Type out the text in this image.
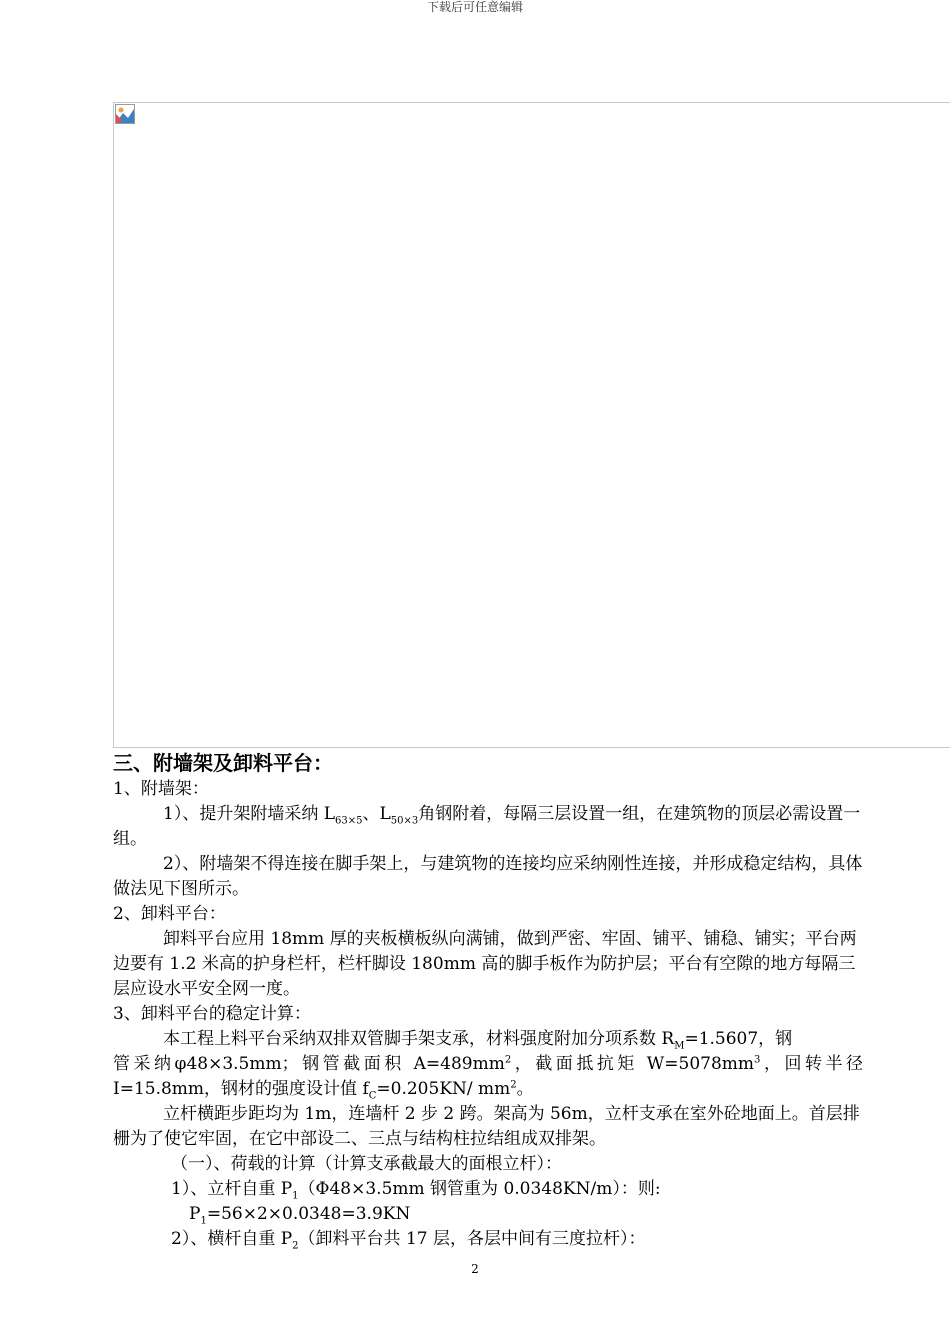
下载后可任意编辑

三、附墙架及卸料平台：

1、附墙架：

1）、提升架附墙采纳 $L_{63\times 5}$、$L_{50\times 3}$角钢附着，每隔三层设置一组，在建筑物的顶层必需设置一组。

2）、附墙架不得连接在脚手架上，与建筑物的连接均应采纳刚性连接，并形成稳定结构，具体做法见下图所示。

2、卸料平台：

卸料平台应用 18mm 厚的夹板横板纵向满铺，做到严密、牢固、铺平、铺稳、铺实；平台两边要有 1.2 米高的护身栏杆，栏杆脚设 180mm 高的脚手板作为防护层；平台有空隙的地方每隔三层应设水平安全网一度。

3、卸料平台的稳定计算：

本工程上料平台采纳双排双管脚手架支承，材料强度附加分项系数 $R_M=1.5607$，钢

管采纳φ48×3.5mm；钢管截面积 $A=489mm^2$，截面抵抗矩 $W=5078mm^3$，回转半径

I=15.8mm，钢材的强度设计值 $f_C=0.205KN/$ $mm^2$。

立杆横距步距均为 1m，连墙杆 2 步 2 跨。架高为 56m，立杆支承在室外砼地面上。首层排栅为了使它牢固，在它中部设二、三点与结构柱拉结组成双排架。

（一）、荷载的计算（计算支承截最大的面根立杆）：

1）、立杆自重 $P_1(\Phi 48\times 3.5mm$ 钢管重为 0.0348KN/m）：则:

$P_1=56\times 2\times 0.0348=3.9KN$

2）、横杆自重 $P_2$（卸料平台共 17 层，各层中间有三度拉杆）：

2
